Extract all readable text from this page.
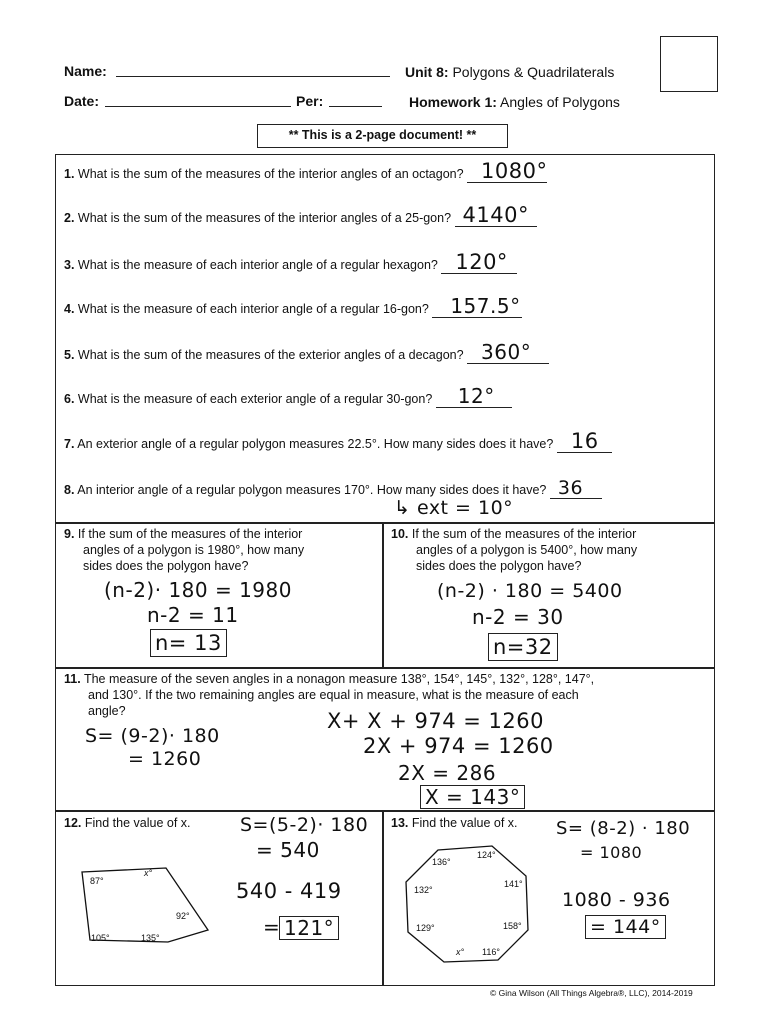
Name:
Date:	Per:
Unit 8: Polygons & Quadrilaterals
Homework 1: Angles of Polygons
** This is a 2-page document! **
1. What is the sum of the measures of the interior angles of an octagon? 1080°
2. What is the sum of the measures of the interior angles of a 25-gon? 4140°
3. What is the measure of each interior angle of a regular hexagon? 120°
4. What is the measure of each interior angle of a regular 16-gon? 157.5°
5. What is the sum of the measures of the exterior angles of a decagon? 360°
6. What is the measure of each exterior angle of a regular 30-gon? 12°
7. An exterior angle of a regular polygon measures 22.5°. How many sides does it have? 16
8. An interior angle of a regular polygon measures 170°. How many sides does it have? 36
↳ ext = 10°
9. If the sum of the measures of the interior
angles of a polygon is 1980°, how many
sides does the polygon have?
(n-2)· 180 = 1980
n-2 = 11
n= 13
10. If the sum of the measures of the interior
angles of a polygon is 5400°, how many
sides does the polygon have?
(n-2) · 180 = 5400
n-2 = 30
n=32
11. The measure of the seven angles in a nonagon measure 138°, 154°, 145°, 132°, 128°, 147°,
and 130°. If the two remaining angles are equal in measure, what is the measure of each
angle?
S= (9-2)· 180
= 1260
X+ X + 974 = 1260
2X + 974 = 1260
2X = 286
X = 143°
12. Find the value of x.	S=(5-2)· 180
= 540
540 - 419
= 121°
87°
x°
92°
105°	135°
13. Find the value of x. S= (8-2) · 180
= 1080
1080 - 936
= 144°
136°
124°
141°
132°
158°
129°
x° 116°
© Gina Wilson (All Things Algebra®, LLC), 2014-2019
